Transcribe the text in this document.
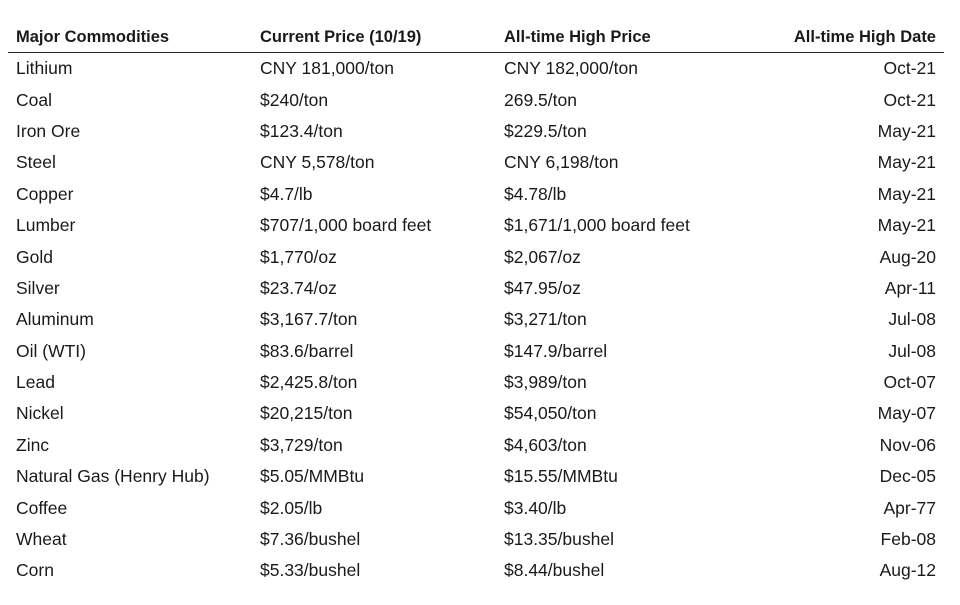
Major Commodities	Current Price (10/19)	All-time High Price	All-time High Date
Lithium	CNY 181,000/ton	CNY 182,000/ton	Oct-21
Coal	$240/ton	269.5/ton	Oct-21
Iron Ore	$123.4/ton	$229.5/ton	May-21
Steel	CNY 5,578/ton	CNY 6,198/ton	May-21
Copper	$4.7/lb	$4.78/lb	May-21
Lumber	$707/1,000 board feet	$1,671/1,000 board feet	May-21
Gold	$1,770/oz	$2,067/oz	Aug-20
Silver	$23.74/oz	$47.95/oz	Apr-11
Aluminum	$3,167.7/ton	$3,271/ton	Jul-08
Oil (WTI)	$83.6/barrel	$147.9/barrel	Jul-08
Lead	$2,425.8/ton	$3,989/ton	Oct-07
Nickel	$20,215/ton	$54,050/ton	May-07
Zinc	$3,729/ton	$4,603/ton	Nov-06
Natural Gas (Henry Hub)	$5.05/MMBtu	$15.55/MMBtu	Dec-05
Coffee	$2.05/lb	$3.40/lb	Apr-77
Wheat	$7.36/bushel	$13.35/bushel	Feb-08
Corn	$5.33/bushel	$8.44/bushel	Aug-12
